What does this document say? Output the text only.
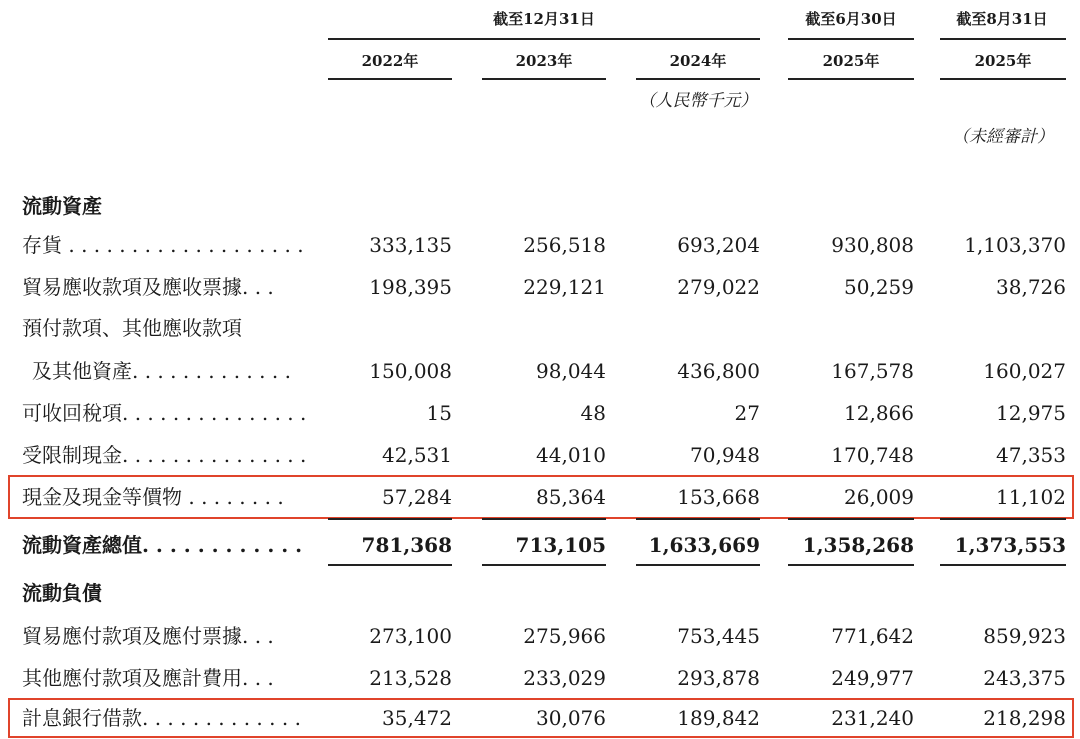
截至12月31日	截至6月30日	截至8月31日
2022年	2023年	2024年	2025年	2025年
（人民幣千元）
（未經審計）
流動資產
存貨 . . . . . . . . . . . . . . . . . . .	333,135	256,518	693,204	930,808	1,103,370
貿易應收款項及應收票據. . .	198,395	229,121	279,022	50,259	38,726
預付款項、其他應收款項
及其他資產. . . . . . . . . . . . .	150,008	98,044	436,800	167,578	160,027
可收回稅項. . . . . . . . . . . . . . .	15	48	27	12,866	12,975
受限制現金. . . . . . . . . . . . . . .	42,531	44,010	70,948	170,748	47,353
現金及現金等價物 . . . . . . . .	57,284	85,364	153,668	26,009	11,102
流動資產總值. . . . . . . . . . . .	781,368	713,105	1,633,669	1,358,268	1,373,553
流動負債
貿易應付款項及應付票據. . .	273,100	275,966	753,445	771,642	859,923
其他應付款項及應計費用. . .	213,528	233,029	293,878	249,977	243,375
計息銀行借款. . . . . . . . . . . . .	35,472	30,076	189,842	231,240	218,298
